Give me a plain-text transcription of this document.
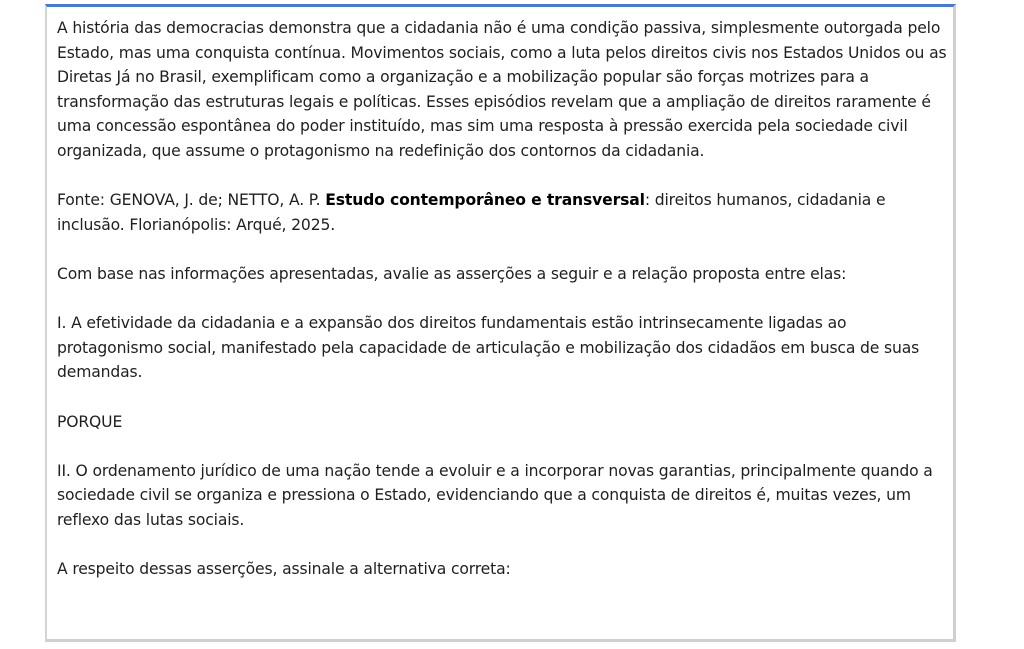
A história das democracias demonstra que a cidadania não é uma condição passiva, simplesmente outorgada pelo Estado, mas uma conquista contínua. Movimentos sociais, como a luta pelos direitos civis nos Estados Unidos ou as Diretas Já no Brasil, exemplificam como a organização e a mobilização popular são forças motrizes para a transformação das estruturas legais e políticas. Esses episódios revelam que a ampliação de direitos raramente é uma concessão espontânea do poder instituído, mas sim uma resposta à pressão exercida pela sociedade civil organizada, que assume o protagonismo na redefinição dos contornos da cidadania.

Fonte: GENOVA, J. de; NETTO, A. P. Estudo contemporâneo e transversal: direitos humanos, cidadania e inclusão. Florianópolis: Arqué, 2025.

Com base nas informações apresentadas, avalie as asserções a seguir e a relação proposta entre elas:

I. A efetividade da cidadania e a expansão dos direitos fundamentais estão intrinsecamente ligadas ao protagonismo social, manifestado pela capacidade de articulação e mobilização dos cidadãos em busca de suas demandas.

PORQUE

II. O ordenamento jurídico de uma nação tende a evoluir e a incorporar novas garantias, principalmente quando a sociedade civil se organiza e pressiona o Estado, evidenciando que a conquista de direitos é, muitas vezes, um reflexo das lutas sociais.

A respeito dessas asserções, assinale a alternativa correta:
